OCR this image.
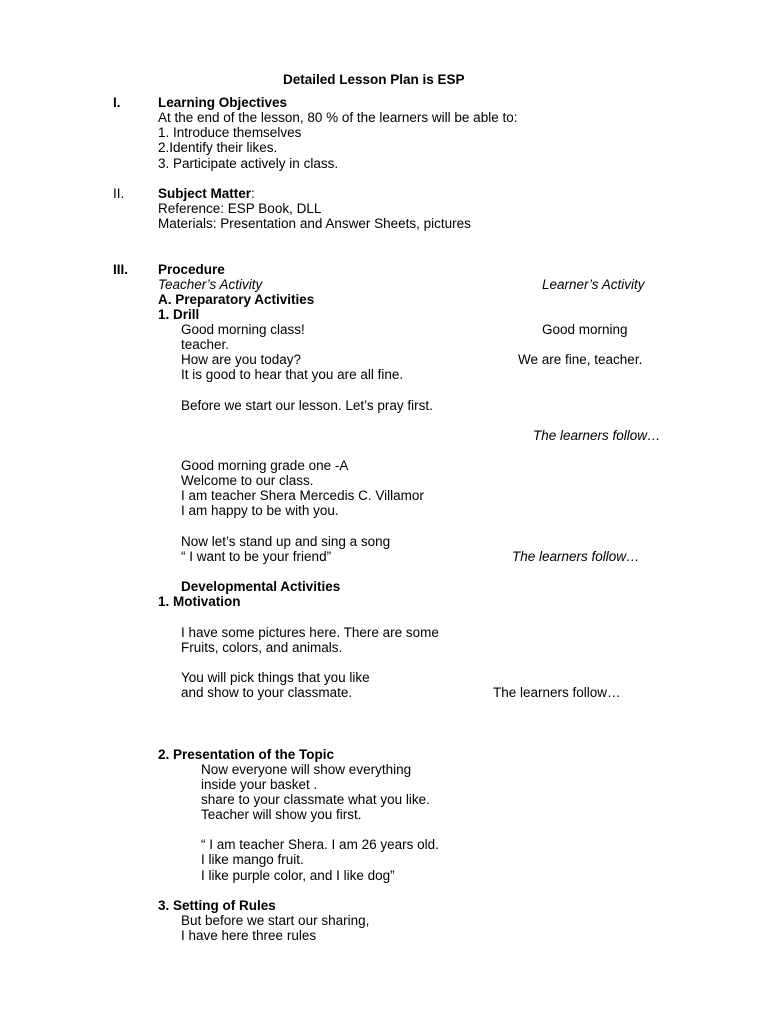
Detailed Lesson Plan is ESP
I.	Learning Objectives
At the end of the lesson, 80 % of the learners will be able to:
1. Introduce themselves
2.Identify their likes.
3. Participate actively in class.
II. Subject Matter:
Reference: ESP Book, DLL
Materials: Presentation and Answer Sheets, pictures
III. Procedure
Teacher’s Activity	Learner’s Activity
A. Preparatory Activities
1. Drill
Good morning class!	Good morning
teacher.
How are you today?	We are fine, teacher.
It is good to hear that you are all fine.
Before we start our lesson. Let’s pray first.
The learners follow…
Good morning grade one -A
Welcome to our class.
I am teacher Shera Mercedis C. Villamor
I am happy to be with you.
Now let’s stand up and sing a song
“ I want to be your friend”	The learners follow…
Developmental Activities
1. Motivation
I have some pictures here. There are some
Fruits, colors, and animals.
You will pick things that you like
and show to your classmate.	The learners follow…
2. Presentation of the Topic
Now everyone will show everything
inside your basket .
share to your classmate what you like.
Teacher will show you first.
“ I am teacher Shera. I am 26 years old.
I like mango fruit.
I like purple color, and I like dog”
3. Setting of Rules
But before we start our sharing,
I have here three rules
